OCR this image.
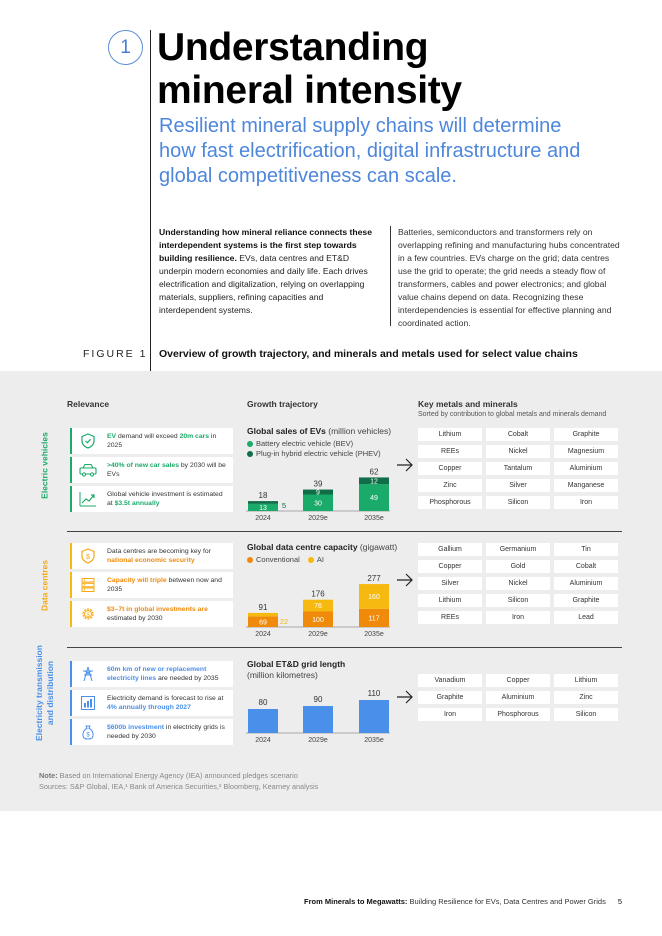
1 Understanding
mineral intensity
Resilient mineral supply chains will determine
how fast electrification, digital infrastructure and
global competitiveness can scale.
Understanding how mineral reliance connects these interdependent systems is the first step towards building resilience. EVs, data centres and ET&D underpin modern economies and daily life. Each drives electrification and digitalization, relying on overlapping materials, suppliers, refining capacities and interdependent systems.
Batteries, semiconductors and transformers rely on overlapping refining and manufacturing hubs concentrated in a few countries. EVs charge on the grid; data centres use the grid to operate; the grid needs a steady flow of transformers, cables and power electronics; and global value chains depend on data. Recognizing these interdependencies is essential for effective planning and coordinated action.
FIGURE 1 Overview of growth trajectory, and minerals and metals used for select value chains
Relevance	Growth trajectory	Key metals and minerals
Sorted by contribution to global metals and minerals demand
Electric vehicles	EV demand will exceed 20m cars in 2025
>40% of new car sales by 2030 will be EVs
Global vehicle investment is estimated at $3.5t annually
Global sales of EVs (million vehicles)
Battery electric vehicle (BEV)
Plug-in hybrid electric vehicle (PHEV)
2024
13 5
18
2029e
30
9
39
2035e
49
12
62
Lithium	Cobalt	Graphite
REEs	Nickel	Magnesium
Copper	Tantalum	Aluminium
Zinc	Silver	Manganese
Phosphorous	Silicon	Iron
Data centres
$
Data centres are becoming key for national economic security
Capacity will triple between now and 2035
$
$3–7t in global investments are estimated by 2030
Global data centre capacity (gigawatt)
Conventional AI
2024
69 22
91
2029e
100
76
176
2035e
117
160
277
Gallium	Germanium	Tin
Copper	Gold	Cobalt
Silver	Nickel	Aluminium
Lithium	Silicon	Graphite
REEs	Iron	Lead
Electricity transmission and distribution	60m km of new or replacement electricity lines are needed by 2035
Electricity demand is forecast to rise at 4% annually through 2027
$
$600b investment in electricity grids is needed by 2030
Global ET&D grid length
(million kilometres)
2024
80
2029e
90
2035e
110
Vanadium	Copper	Lithium
Graphite	Aluminium	Zinc
Iron	Phosphorous	Silicon
Note: Based on International Energy Agency (IEA) announced pledges scenario
Sources: S&P Global, IEA,¹ Bank of America Securities,² Bloomberg, Kearney analysis
From Minerals to Megawatts: Building Resilience for EVs, Data Centres and Power Grids 5
